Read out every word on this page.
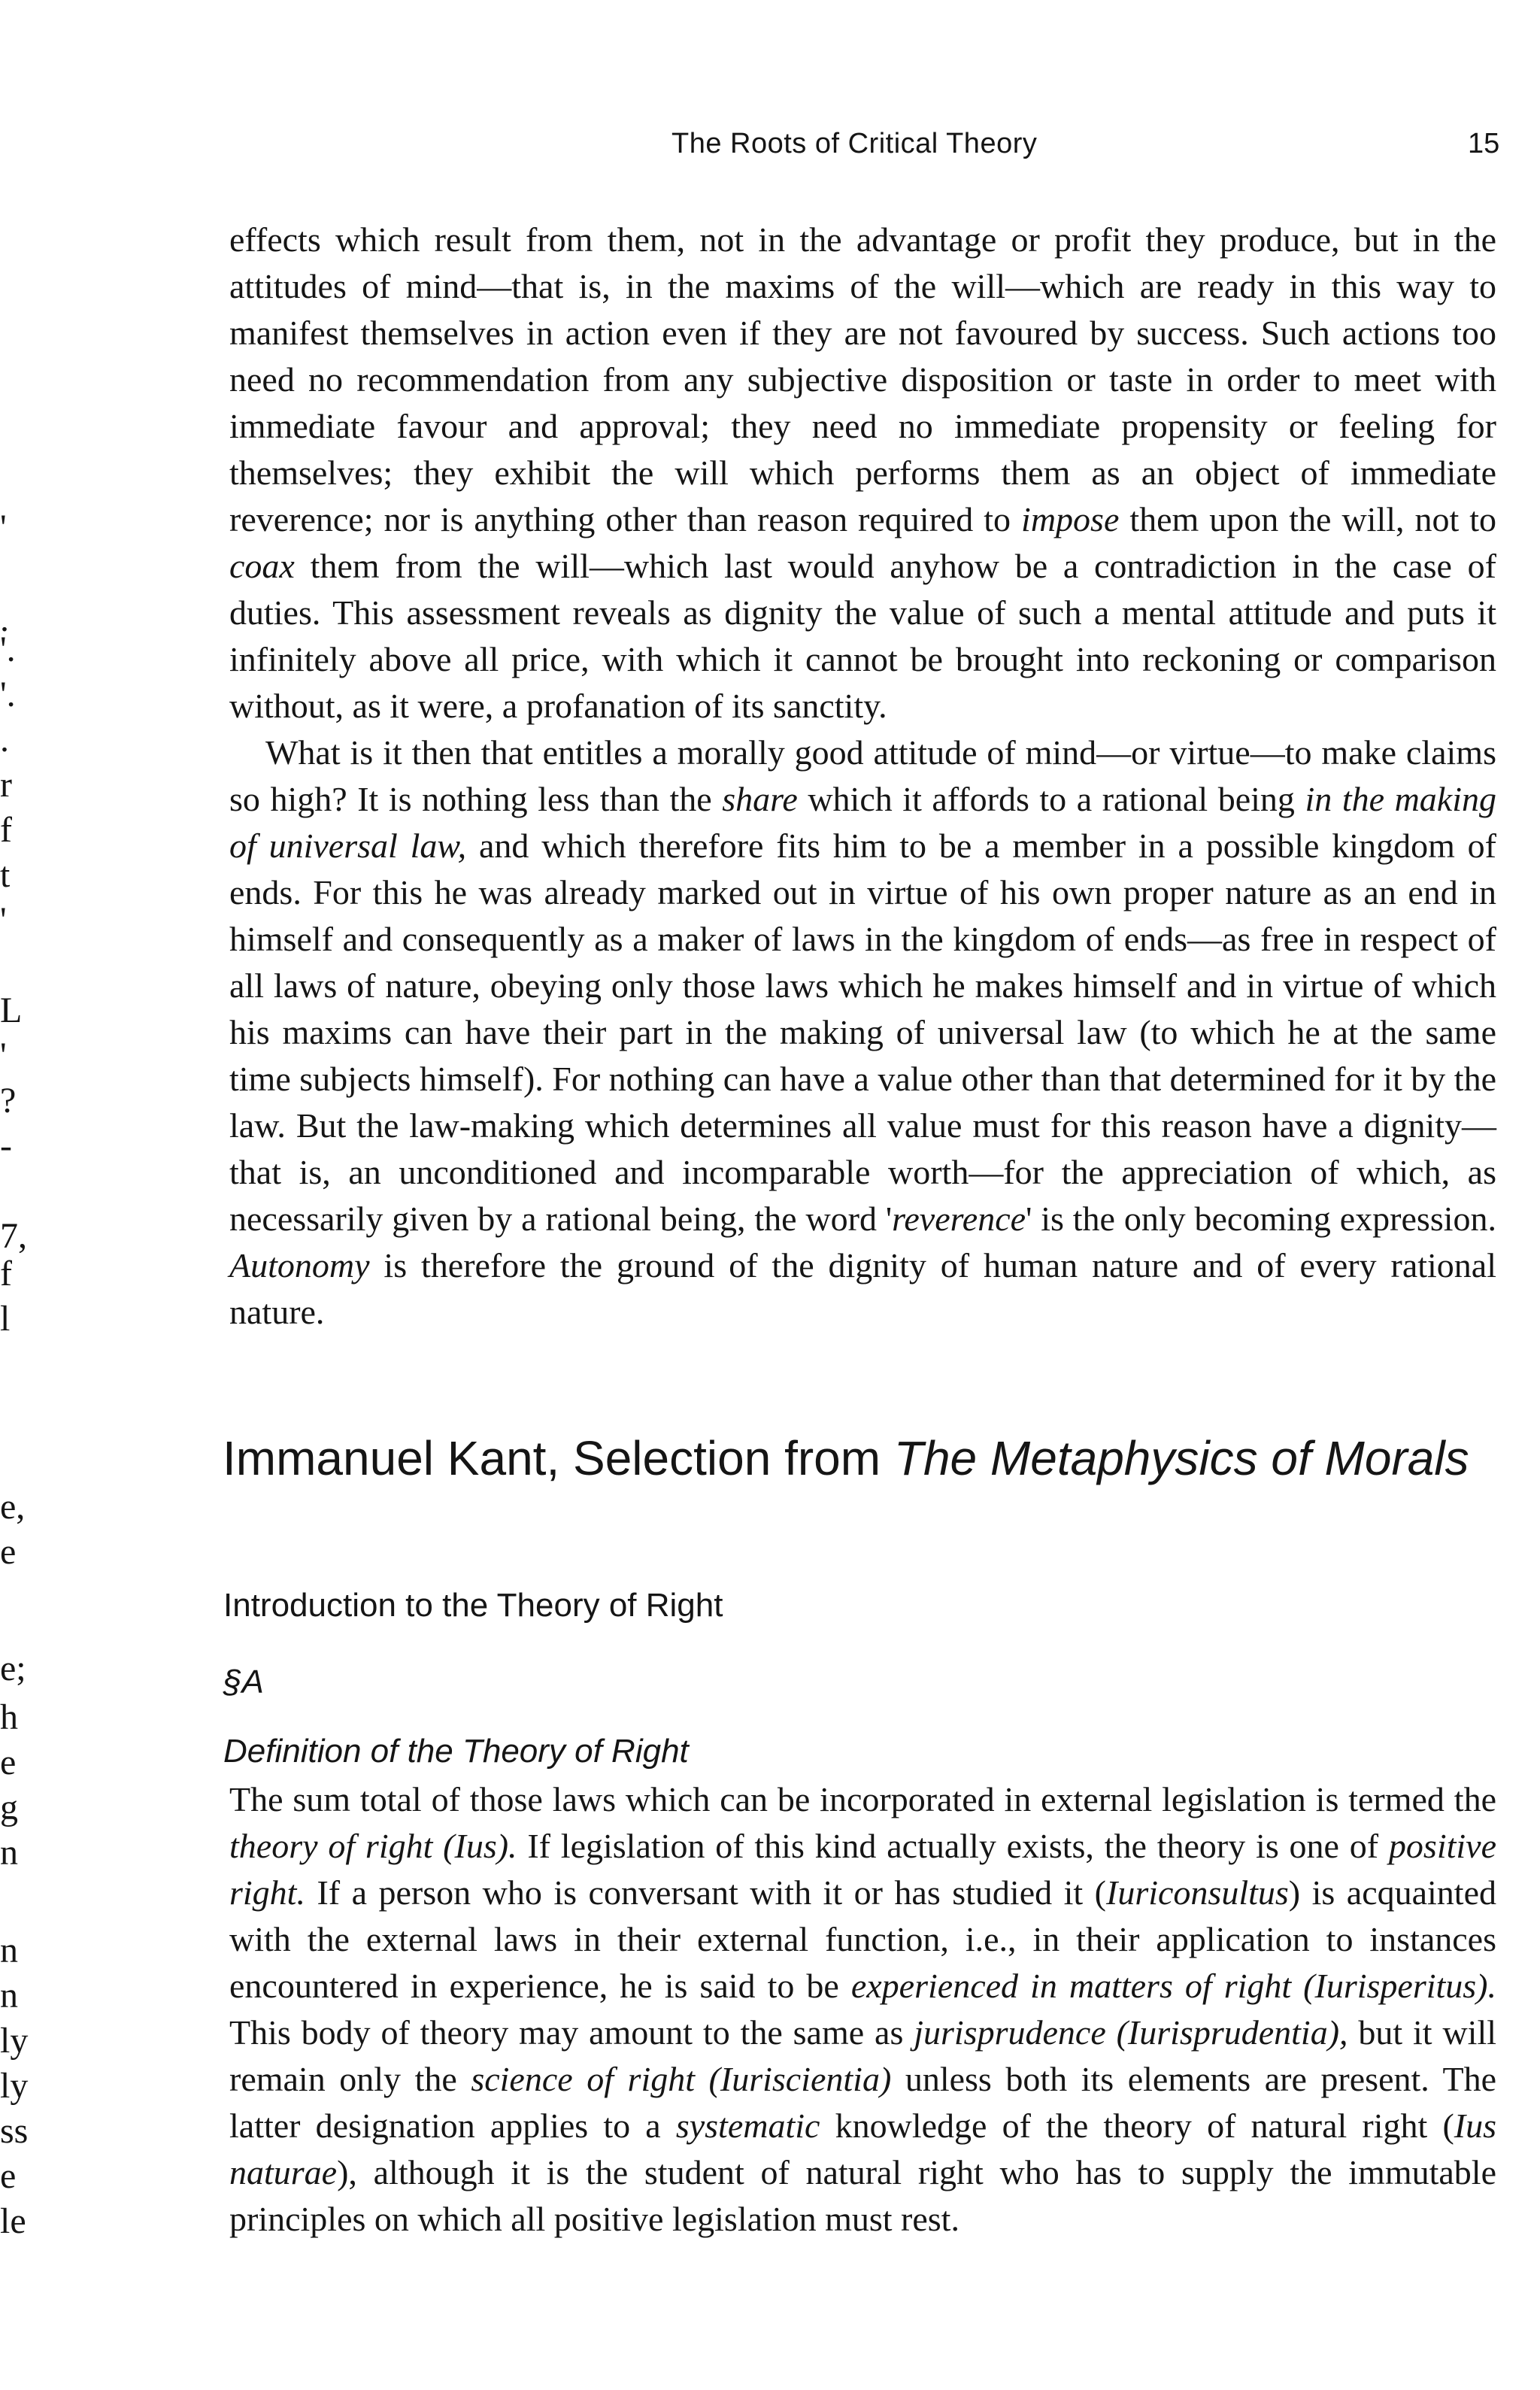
The Roots of Critical Theory	15
'
.
'.
'.
.
r
f
t
'
L
'
?
-
7,
f
l
e,
e
e;
h
e
g
n
n
n
ly
ly
ss
e
le

effects which result from them, not in the advantage or profit they produce, but in the attitudes of mind—that is, in the maxims of the will—which are ready in this way to manifest themselves in action even if they are not favoured by success. Such actions too need no recommendation from any subjective disposition or taste in order to meet with immediate favour and approval; they need no immediate propensity or feeling for themselves; they exhibit the will which performs them as an object of immediate reverence; nor is anything other than reason required to impose them upon the will, not to coax them from the will—which last would anyhow be a contradiction in the case of duties. This assessment reveals as dignity the value of such a mental attitude and puts it infinitely above all price, with which it cannot be brought into reckoning or comparison without, as it were, a profanation of its sanctity.

What is it then that entitles a morally good attitude of mind—or virtue—to make claims so high? It is nothing less than the share which it affords to a rational being in the making of universal law, and which therefore fits him to be a member in a possible kingdom of ends. For this he was already marked out in virtue of his own proper nature as an end in himself and consequently as a maker of laws in the kingdom of ends—as free in respect of all laws of nature, obeying only those laws which he makes himself and in virtue of which his maxims can have their part in the making of universal law (to which he at the same time subjects himself). For nothing can have a value other than that determined for it by the law. But the law-making which determines all value must for this reason have a dignity—that is, an unconditioned and incomparable worth—for the appreciation of which, as necessarily given by a rational being, the word 'reverence' is the only becoming expression. Autonomy is therefore the ground of the dignity of human nature and of every rational nature.

Immanuel Kant, Selection from The Metaphysics of Morals
Introduction to the Theory of Right
§A
Definition of the Theory of Right

The sum total of those laws which can be incorporated in external legislation is termed the theory of right (Ius). If legislation of this kind actually exists, the theory is one of positive right. If a person who is conversant with it or has studied it (Iuriconsultus) is acquainted with the external laws in their external function, i.e., in their application to instances encountered in experience, he is said to be experienced in matters of right (Iurisperitus). This body of theory may amount to the same as jurisprudence (Iurisprudentia), but it will remain only the science of right (Iuriscientia) unless both its elements are present. The latter designation applies to a systematic knowledge of the theory of natural right (Ius naturae), although it is the student of natural right who has to supply the immutable principles on which all positive legislation must rest.
